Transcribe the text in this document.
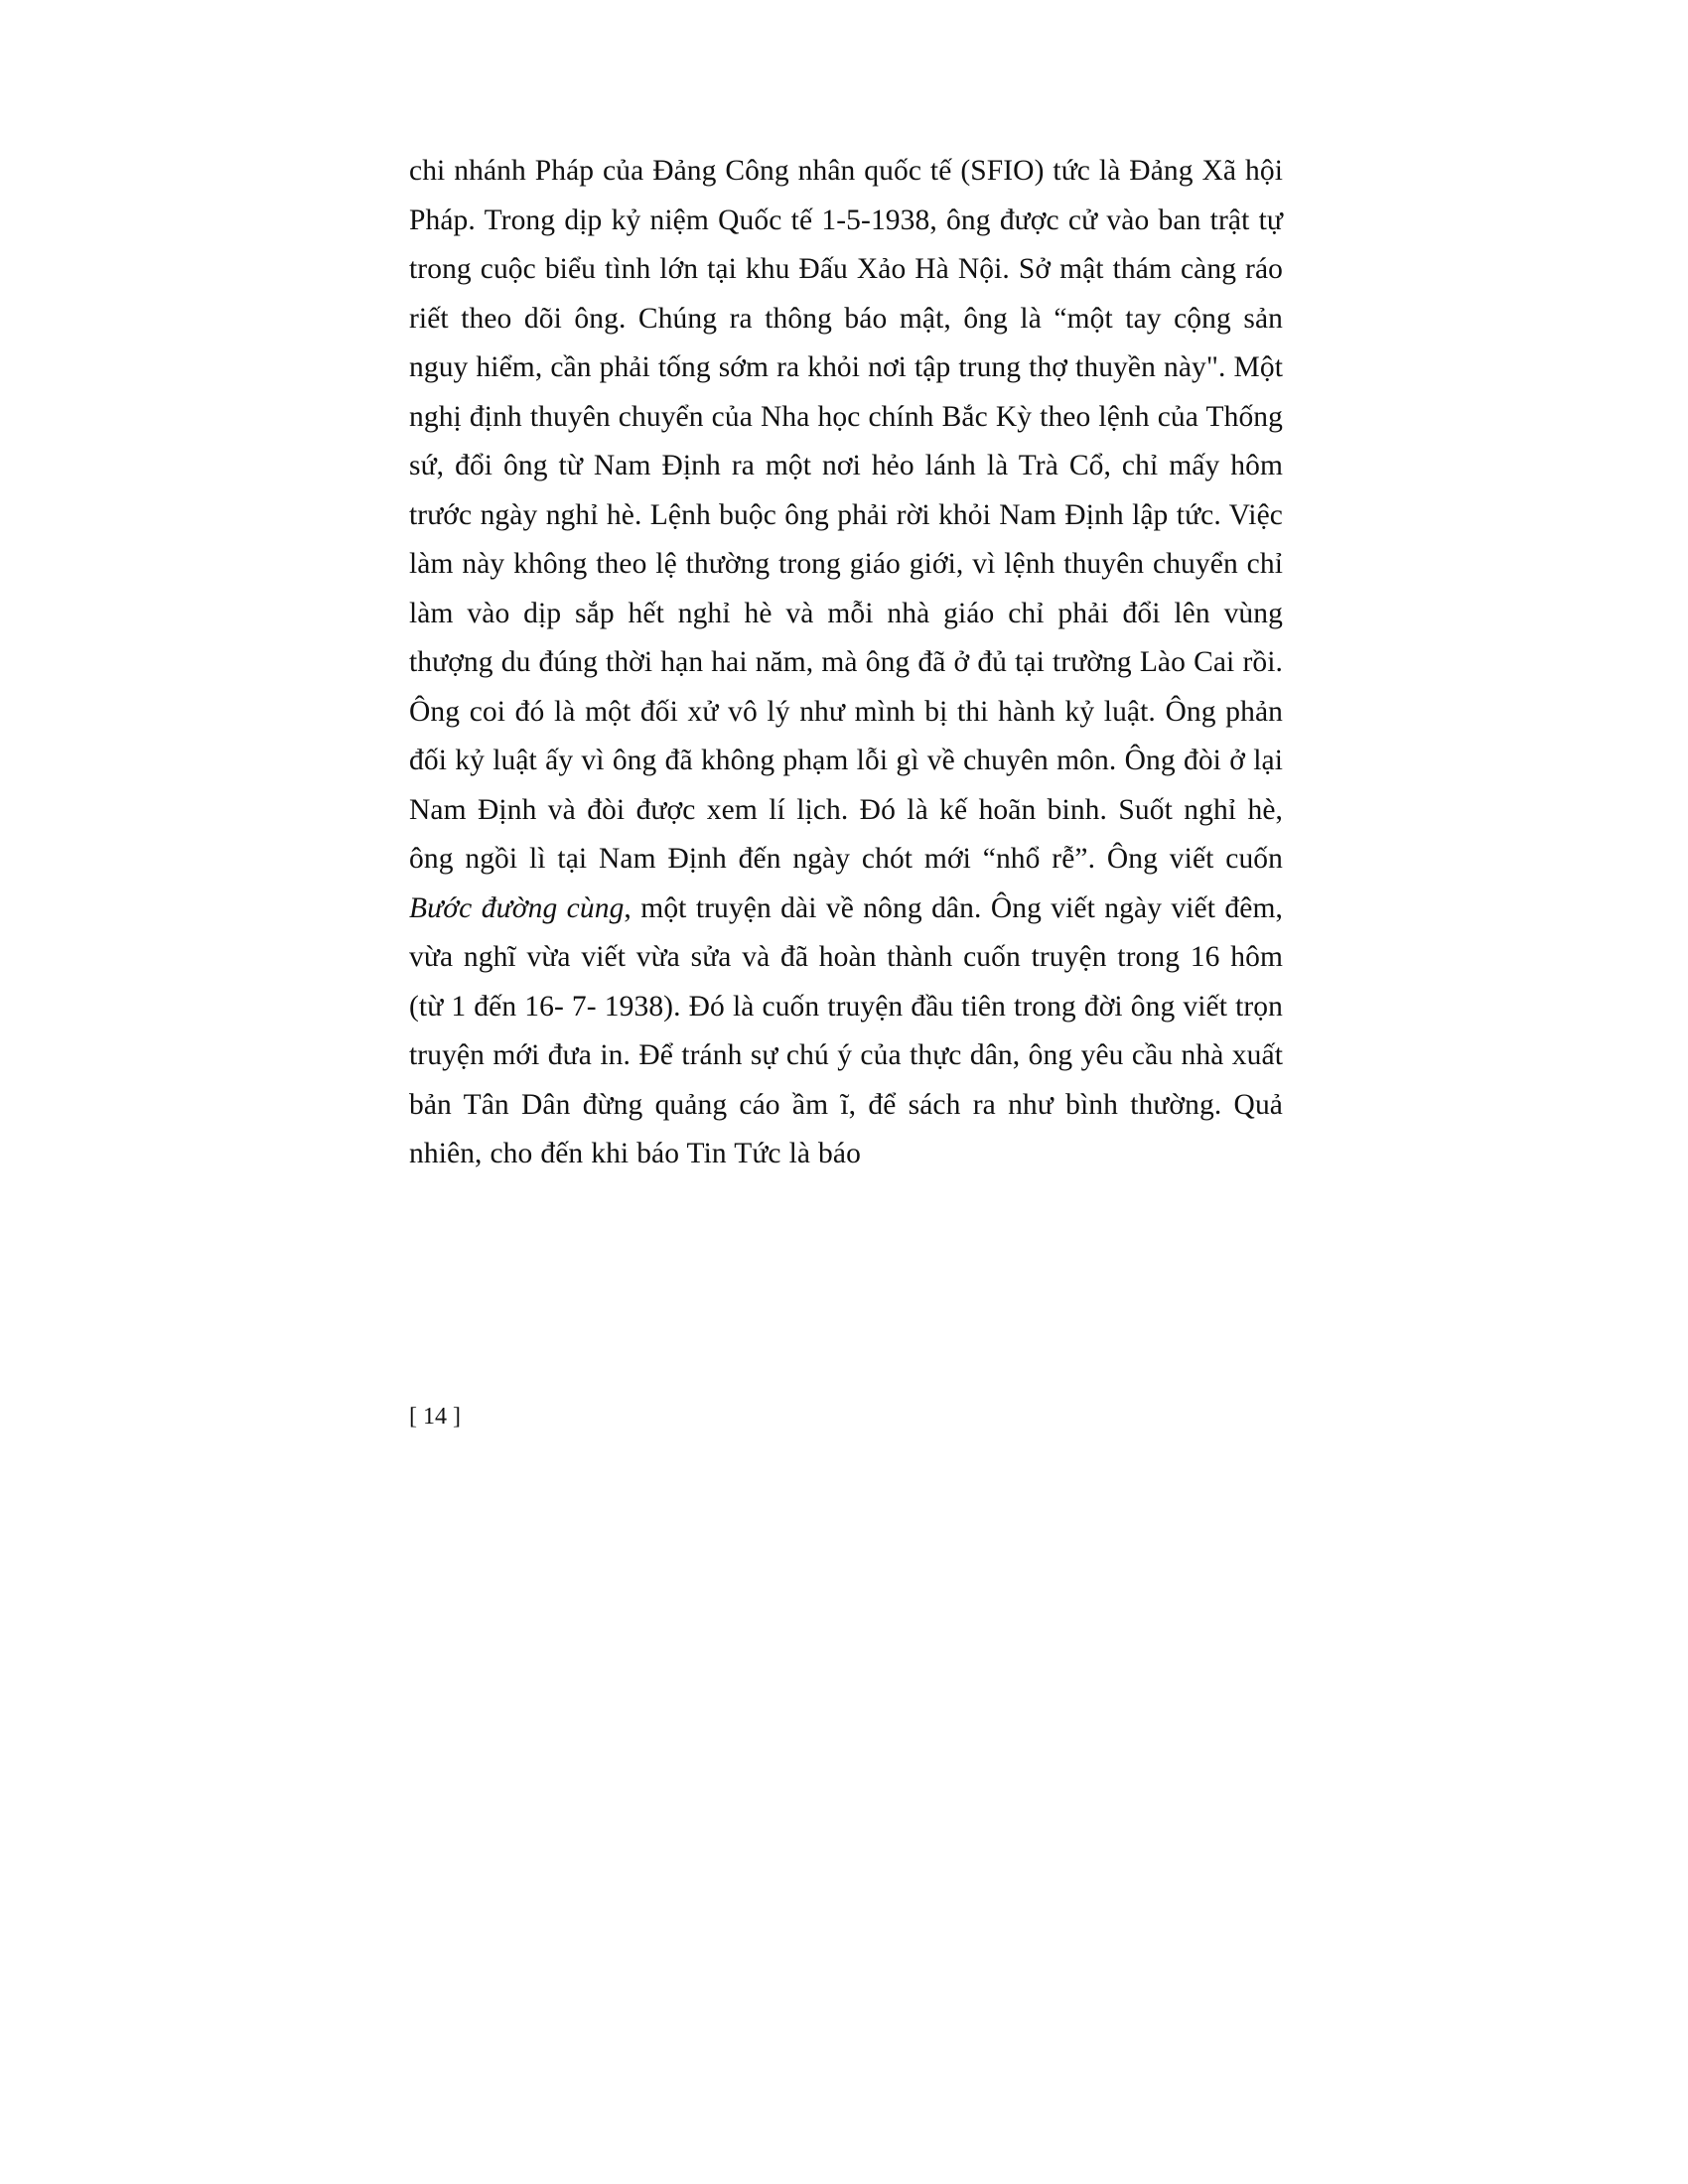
chi nhánh Pháp của Đảng Công nhân quốc tế (SFIO) tức là Đảng Xã hội Pháp. Trong dịp kỷ niệm Quốc tế 1-5-1938, ông được cử vào ban trật tự trong cuộc biểu tình lớn tại khu Đấu Xảo Hà Nội. Sở mật thám càng ráo riết theo dõi ông. Chúng ra thông báo mật, ông là “một tay cộng sản nguy hiểm, cần phải tống sớm ra khỏi nơi tập trung thợ thuyền này". Một nghị định thuyên chuyển của Nha học chính Bắc Kỳ theo lệnh của Thống sứ, đổi ông từ Nam Định ra một nơi hẻo lánh là Trà Cổ, chỉ mấy hôm trước ngày nghỉ hè. Lệnh buộc ông phải rời khỏi Nam Định lập tức. Việc làm này không theo lệ thường trong giáo giới, vì lệnh thuyên chuyển chỉ làm vào dịp sắp hết nghỉ hè và mỗi nhà giáo chỉ phải đổi lên vùng thượng du đúng thời hạn hai năm, mà ông đã ở đủ tại trường Lào Cai rồi. Ông coi đó là một đối xử vô lý như mình bị thi hành kỷ luật. Ông phản đối kỷ luật ấy vì ông đã không phạm lỗi gì về chuyên môn. Ông đòi ở lại Nam Định và đòi được xem lí lịch. Đó là kế hoãn binh. Suốt nghỉ hè, ông ngồi lì tại Nam Định đến ngày chót mới “nhổ rễ”. Ông viết cuốn Bước đường cùng, một truyện dài về nông dân. Ông viết ngày viết đêm, vừa nghĩ vừa viết vừa sửa và đã hoàn thành cuốn truyện trong 16 hôm (từ 1 đến 16- 7- 1938). Đó là cuốn truyện đầu tiên trong đời ông viết trọn truyện mới đưa in. Để tránh sự chú ý của thực dân, ông yêu cầu nhà xuất bản Tân Dân đừng quảng cáo ầm ĩ, để sách ra như bình thường. Quả nhiên, cho đến khi báo Tin Tức là báo

[ 14 ]
